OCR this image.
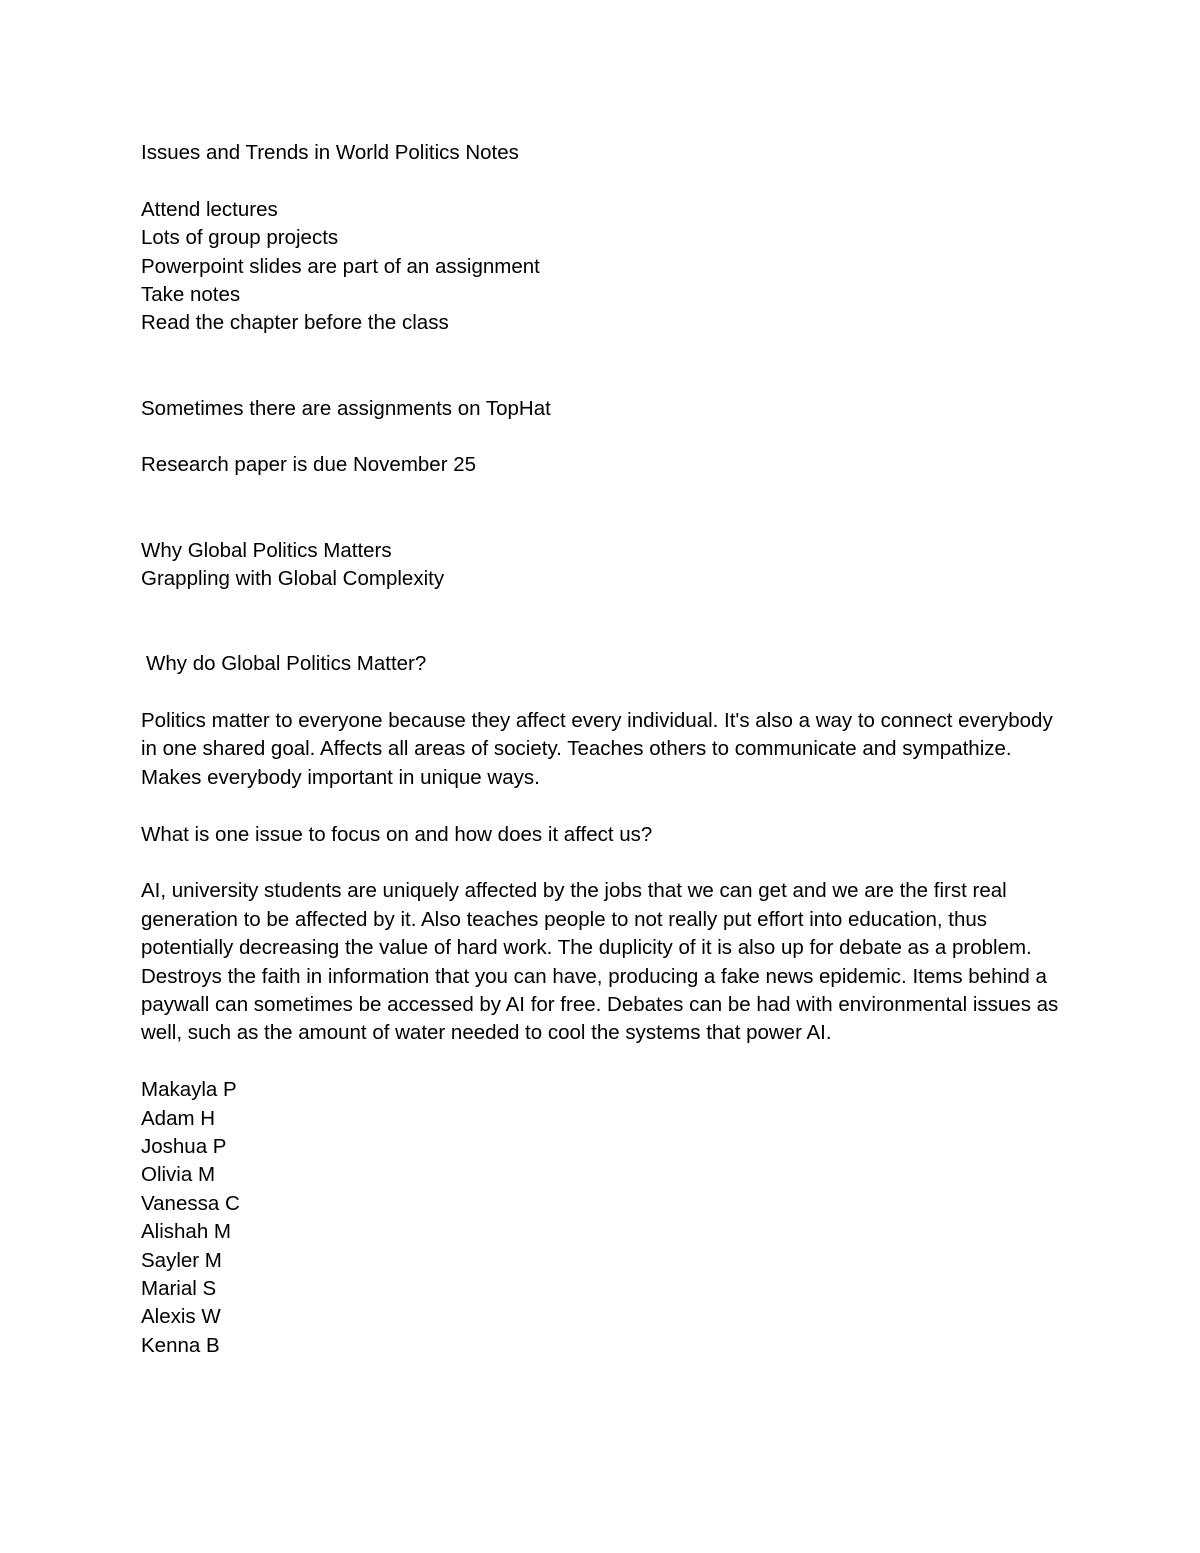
Issues and Trends in World Politics Notes
Attend lectures
Lots of group projects
Powerpoint slides are part of an assignment
Take notes
Read the chapter before the class
Sometimes there are assignments on TopHat
Research paper is due November 25
Why Global Politics Matters
Grappling with Global Complexity
Why do Global Politics Matter?
Politics matter to everyone because they affect every individual. It's also a way to connect everybody in one shared goal. Affects all areas of society. Teaches others to communicate and sympathize. Makes everybody important in unique ways.
What is one issue to focus on and how does it affect us?
AI, university students are uniquely affected by the jobs that we can get and we are the first real generation to be affected by it. Also teaches people to not really put effort into education, thus potentially decreasing the value of hard work. The duplicity of it is also up for debate as a problem. Destroys the faith in information that you can have, producing a fake news epidemic. Items behind a paywall can sometimes be accessed by AI for free. Debates can be had with environmental issues as well, such as the amount of water needed to cool the systems that power AI.
Makayla P
Adam H
Joshua P
Olivia M
Vanessa C
Alishah M
Sayler M
Marial S
Alexis W
Kenna B
